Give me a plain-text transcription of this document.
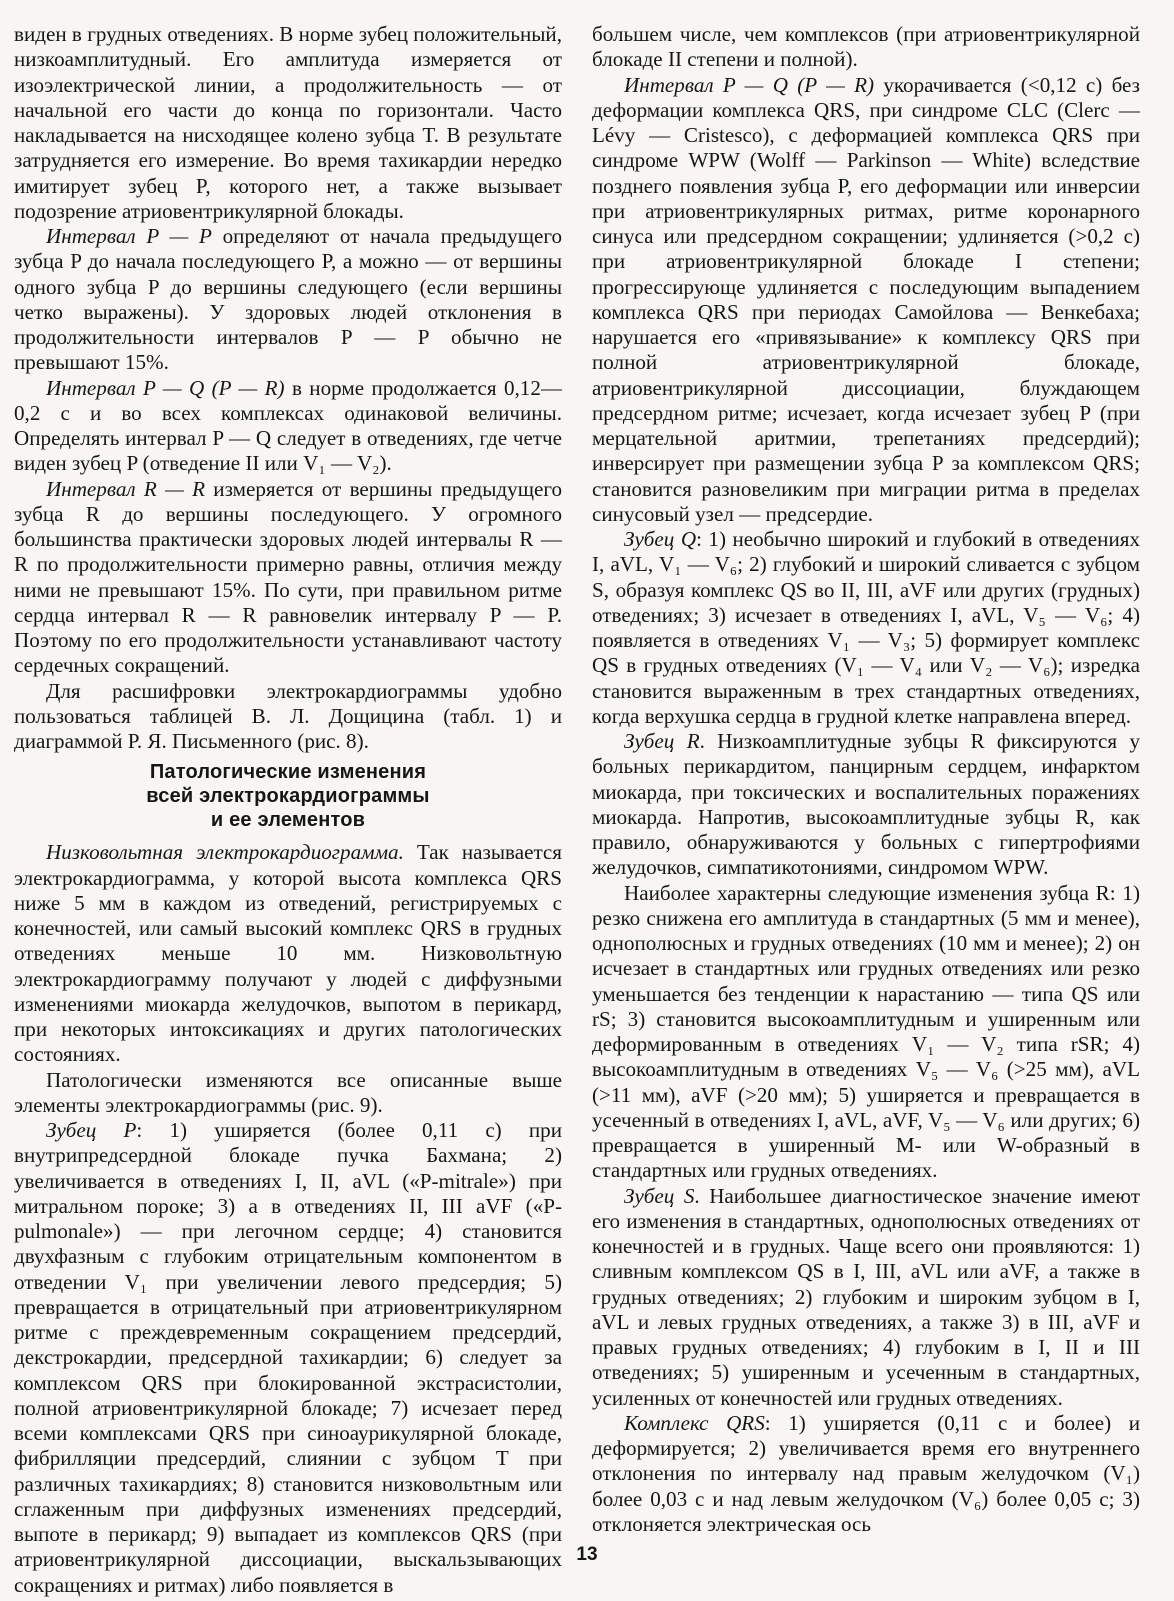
виден в грудных отведениях. В норме зубец положительный, низкоамплитудный. Его амплитуда измеряется от изоэлектрической линии, а продолжительность — от начальной его части до конца по горизонтали. Часто накладывается на нисходящее колено зубца T. В результате затрудняется его измерение. Во время тахикардии нередко имитирует зубец P, которого нет, а также вызывает подозрение атриовентрикулярной блокады.

Интервал P — P определяют от начала предыдущего зубца P до начала последующего P, а можно — от вершины одного зубца P до вершины следующего (если вершины четко выражены). У здоровых людей отклонения в продолжительности интервалов P — P обычно не превышают 15%.

Интервал P — Q (P — R) в норме продолжается 0,12—0,2 с и во всех комплексах одинаковой величины. Определять интервал P — Q следует в отведениях, где четче виден зубец P (отведение II или V₁ — V₂).

Интервал R — R измеряется от вершины предыдущего зубца R до вершины последующего. У огромного большинства практически здоровых людей интервалы R — R по продолжительности примерно равны, отличия между ними не превышают 15%. По сути, при правильном ритме сердца интервал R — R равновелик интервалу P — P. Поэтому по его продолжительности устанавливают частоту сердечных сокращений.

Для расшифровки электрокардиограммы удобно пользоваться таблицей В. Л. Дощицина (табл. 1) и диаграммой Р. Я. Письменного (рис. 8).

Патологические изменения
всей электрокардиограммы
и ее элементов

Низковольтная электрокардиограмма. Так называется электрокардиограмма, у которой высота комплекса QRS ниже 5 мм в каждом из отведений, регистрируемых с конечностей, или самый высокий комплекс QRS в грудных отведениях меньше 10 мм. Низковольтную электрокардиограмму получают у людей с диффузными изменениями миокарда желудочков, выпотом в перикард, при некоторых интоксикациях и других патологических состояниях.

Патологически изменяются все описанные выше элементы электрокардиограммы (рис. 9).

Зубец P: 1) уширяется (более 0,11 с) при внутрипредсердной блокаде пучка Бахмана; 2) увеличивается в отведениях I, II, aVL («P-mitrale») при митральном пороке; 3) а в отведениях II, III aVF («P-pulmonale») — при легочном сердце; 4) становится двухфазным с глубоким отрицательным компонентом в отведении V₁ при увеличении левого предсердия; 5) превращается в отрицательный при атриовентрикулярном ритме с преждевременным сокращением предсердий, декстрокардии, предсердной тахикардии; 6) следует за комплексом QRS при блокированной экстрасистолии, полной атриовентрикулярной блокаде; 7) исчезает перед всеми комплексами QRS при синоаурикулярной блокаде, фибрилляции предсердий, слиянии с зубцом T при различных тахикардиях; 8) становится низковольтным или сглаженным при диффузных изменениях предсердий, выпоте в перикард; 9) выпадает из комплексов QRS (при атриовентрикулярной диссоциации, выскальзывающих сокращениях и ритмах) либо появляется в

большем числе, чем комплексов (при атриовентрикулярной блокаде II степени и полной).

Интервал P — Q (P — R) укорачивается (<0,12 с) без деформации комплекса QRS, при синдроме CLC (Clerc — Lévy — Cristesco), с деформацией комплекса QRS при синдроме WPW (Wolff — Parkinson — White) вследствие позднего появления зубца P, его деформации или инверсии при атриовентрикулярных ритмах, ритме коронарного синуса или предсердном сокращении; удлиняется (>0,2 с) при атриовентрикулярной блокаде I степени; прогрессирующе удлиняется с последующим выпадением комплекса QRS при периодах Самойлова — Венкебаха; нарушается его «привязывание» к комплексу QRS при полной атриовентрикулярной блокаде, атриовентрикулярной диссоциации, блуждающем предсердном ритме; исчезает, когда исчезает зубец P (при мерцательной аритмии, трепетаниях предсердий); инверсирует при размещении зубца P за комплексом QRS; становится разновеликим при миграции ритма в пределах синусовый узел — предсердие.

Зубец Q: 1) необычно широкий и глубокий в отведениях I, aVL, V₁ — V₆; 2) глубокий и широкий сливается с зубцом S, образуя комплекс QS во II, III, aVF или других (грудных) отведениях; 3) исчезает в отведениях I, aVL, V₅ — V₆; 4) появляется в отведениях V₁ — V₃; 5) формирует комплекс QS в грудных отведениях (V₁ — V₄ или V₂ — V₆); изредка становится выраженным в трех стандартных отведениях, когда верхушка сердца в грудной клетке направлена вперед.

Зубец R. Низкоамплитудные зубцы R фиксируются у больных перикардитом, панцирным сердцем, инфарктом миокарда, при токсических и воспалительных поражениях миокарда. Напротив, высокоамплитудные зубцы R, как правило, обнаруживаются у больных с гипертрофиями желудочков, симпатикотониями, синдромом WPW.

Наиболее характерны следующие изменения зубца R: 1) резко снижена его амплитуда в стандартных (5 мм и менее), однополюсных и грудных отведениях (10 мм и менее); 2) он исчезает в стандартных или грудных отведениях или резко уменьшается без тенденции к нарастанию — типа QS или rS; 3) становится высокоамплитудным и уширенным или деформированным в отведениях V₁ — V₂ типа rSR; 4) высокоамплитудным в отведениях V₅ — V₆ (>25 мм), aVL (>11 мм), aVF (>20 мм); 5) уширяется и превращается в усеченный в отведениях I, aVL, aVF, V₅ — V₆ или других; 6) превращается в уширенный M- или W-образный в стандартных или грудных отведениях.

Зубец S. Наибольшее диагностическое значение имеют его изменения в стандартных, однополюсных отведениях от конечностей и в грудных. Чаще всего они проявляются: 1) сливным комплексом QS в I, III, aVL или aVF, а также в грудных отведениях; 2) глубоким и широким зубцом в I, aVL и левых грудных отведениях, а также 3) в III, aVF и правых грудных отведениях; 4) глубоким в I, II и III отведениях; 5) уширенным и усеченным в стандартных, усиленных от конечностей или грудных отведениях.

Комплекс QRS: 1) уширяется (0,11 с и более) и деформируется; 2) увеличивается время его внутреннего отклонения по интервалу над правым желудочком (V₁) более 0,03 с и над левым желудочком (V₆) более 0,05 с; 3) отклоняется электрическая ось

13
